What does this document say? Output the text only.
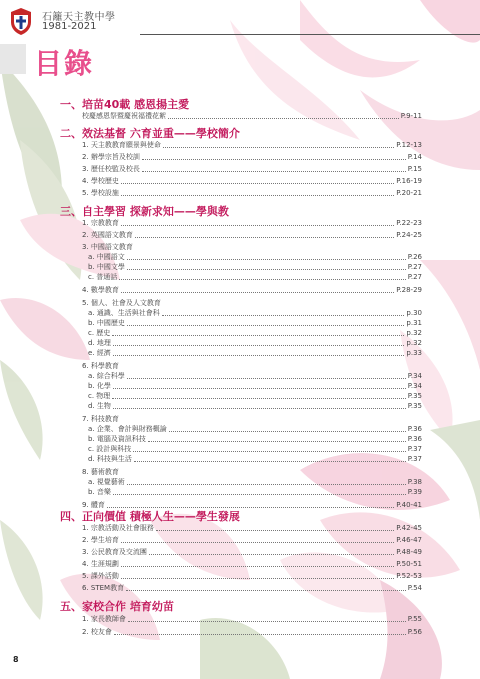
石籬天主教中學
1981-2021
目錄
一、培苗40載 感恩揚主愛
校慶感恩祭暨慶祝福禮花絮	P.9-11
二、效法基督 六育並重——學校簡介
1. 天主教教育願景與使命	P.12-13
2. 辦學宗旨及校訓	P.14
3. 歷任校監及校長	P.15
4. 學校歷史	P.16-19
5. 學校設施	P.20-21
三、自主學習 探新求知——學與教
1. 宗教教育	P.22-23
2. 英國語文教育	P.24-25
3. 中國語文教育
a. 中國語文	P.26
b. 中國文學	P.27
c. 普通話	P.27
4. 數學教育	P.28-29
5. 個人、社會及人文教育
a. 通識、生活與社會科	p.30
b. 中國歷史	p.31
c. 歷史	p.32
d. 地理	p.32
e. 經濟	p.33
6. 科學教育
a. 綜合科學	P.34
b. 化學	P.34
c. 物理	P.35
d. 生物	P.35
7. 科技教育
a. 企業、會計與財務概論	P.36
b. 電腦及資訊科技	P.36
c. 設計與科技	P.37
d. 科技與生活	P.37
8. 藝術教育
a. 視覺藝術	P.38
b. 音樂	P.39
9. 體育	P.40-41
四、正向價值 積極人生——學生發展
1. 宗教活動及社會服務	P.42-45
2. 學生培育	P.46-47
3. 公民教育及交流團	P.48-49
4. 生涯規劃	P.50-51
5. 課外活動	P.52-53
6. STEM教育	P.54
五、家校合作 培育幼苗
1. 家長教師會	P.55
2. 校友會	P.56
8
